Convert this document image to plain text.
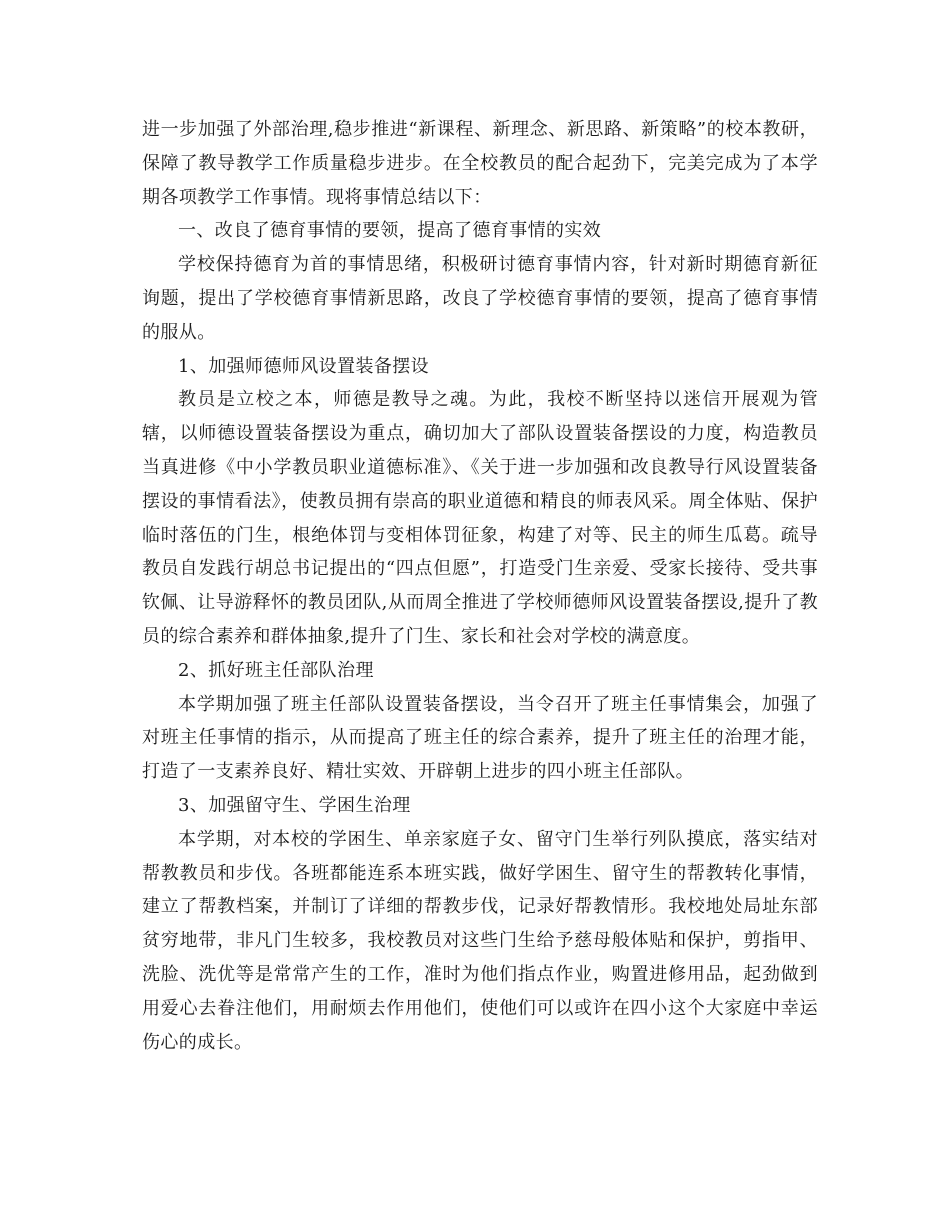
进一步加强了外部治理,稳步推进“新课程、新理念、新思路、新策略”的校本教研，保障了教导教学工作质量稳步进步。在全校教员的配合起劲下，完美完成为了本学期各项教学工作事情。现将事情总结以下：

一、改良了德育事情的要领，提高了德育事情的实效

学校保持德育为首的事情思绪，积极研讨德育事情内容，针对新时期德育新征询题，提出了学校德育事情新思路，改良了学校德育事情的要领，提高了德育事情的服从。

1、加强师德师风设置装备摆设

教员是立校之本，师德是教导之魂。为此，我校不断坚持以迷信开展观为管辖，以师德设置装备摆设为重点，确切加大了部队设置装备摆设的力度，构造教员当真进修《中小学教员职业道德标准》、《关于进一步加强和改良教导行风设置装备摆设的事情看法》，使教员拥有崇高的职业道德和精良的师表风采。周全体贴、保护临时落伍的门生，根绝体罚与变相体罚征象，构建了对等、民主的师生瓜葛。疏导教员自发践行胡总书记提出的“四点但愿”，打造受门生亲爱、受家长接待、受共事钦佩、让导游释怀的教员团队,从而周全推进了学校师德师风设置装备摆设,提升了教员的综合素养和群体抽象,提升了门生、家长和社会对学校的满意度。

2、抓好班主任部队治理

本学期加强了班主任部队设置装备摆设，当令召开了班主任事情集会，加强了对班主任事情的指示，从而提高了班主任的综合素养，提升了班主任的治理才能，打造了一支素养良好、精壮实效、开辟朝上进步的四小班主任部队。

3、加强留守生、学困生治理

本学期，对本校的学困生、单亲家庭子女、留守门生举行列队摸底，落实结对帮教教员和步伐。各班都能连系本班实践，做好学困生、留守生的帮教转化事情，建立了帮教档案，并制订了详细的帮教步伐，记录好帮教情形。我校地处局址东部贫穷地带，非凡门生较多，我校教员对这些门生给予慈母般体贴和保护，剪指甲、洗脸、洗优等是常常产生的工作，准时为他们指点作业，购置进修用品，起劲做到用爱心去眷注他们，用耐烦去作用他们，使他们可以或许在四小这个大家庭中幸运伤心的成长。
